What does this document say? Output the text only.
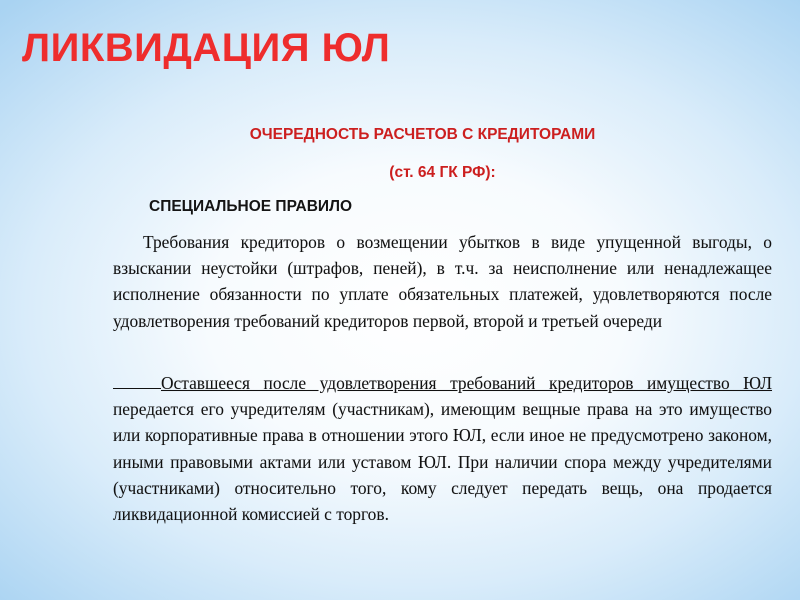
ЛИКВИДАЦИЯ ЮЛ

ОЧЕРЕДНОСТЬ РАСЧЕТОВ С КРЕДИТОРАМИ

(ст. 64 ГК РФ):

СПЕЦИАЛЬНОЕ ПРАВИЛО

Требования кредиторов о возмещении убытков в виде упущенной выгоды, о взыскании неустойки (штрафов, пеней), в т.ч. за неисполнение или ненадлежащее исполнение обязанности по уплате обязательных платежей, удовлетворяются после удовлетворения требований кредиторов первой, второй и третьей очереди

Оставшееся после удовлетворения требований кредиторов имущество ЮЛ передается его учредителям (участникам), имеющим вещные права на это имущество или корпоративные права в отношении этого ЮЛ, если иное не предусмотрено законом, иными правовыми актами или уставом ЮЛ. При наличии спора между учредителями (участниками) относительно того, кому следует передать вещь, она продается ликвидационной комиссией с торгов.
